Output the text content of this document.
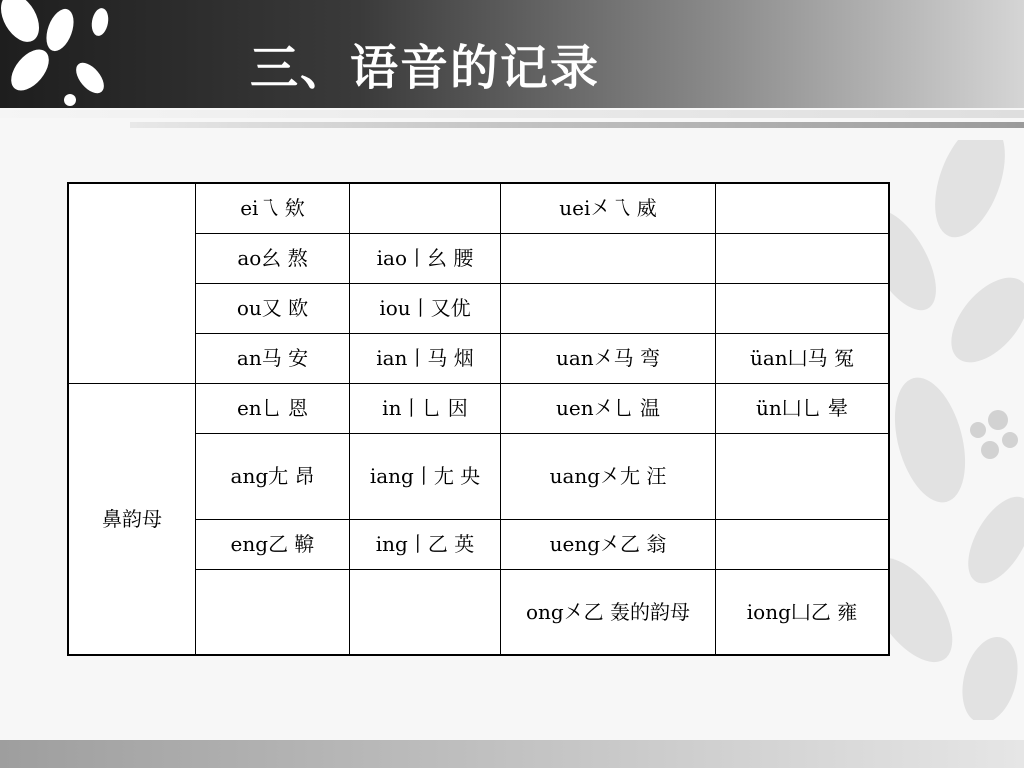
三、语音的记录
	ei乁 欸		uei㐅乁 威	
	ao幺 熬	iao丨幺 腰		
	ou又 欧	iou丨又优		
	an马 安	ian丨马 烟	uan㐅马 弯	üan凵马 冤
鼻韵母	en乚 恩	in丨乚 因	uen㐅乚 温	ün凵乚 晕
	ang尢 昂	iang丨尢 央	uang㐅尢 汪	
	eng乙 鞥	ing丨乙 英	ueng㐅乙 翁	
			ong㐅乙 轰的韵母	iong凵乙 雍
